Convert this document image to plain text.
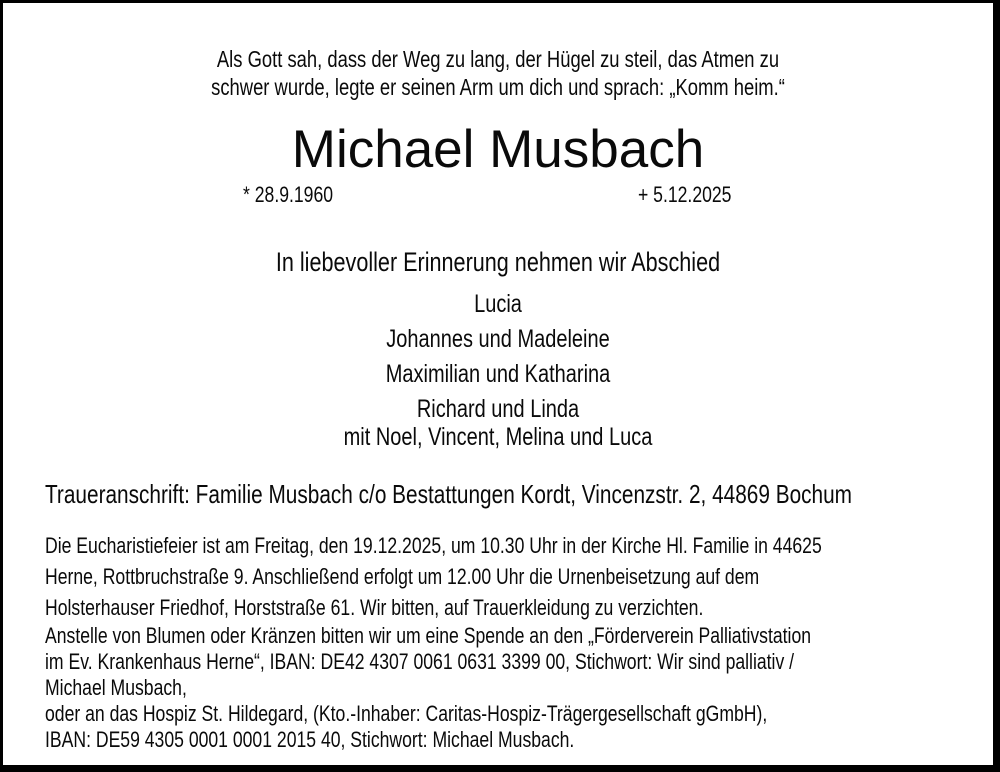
Als Gott sah, dass der Weg zu lang, der Hügel zu steil, das Atmen zu
schwer wurde, legte er seinen Arm um dich und sprach: „Komm heim.“
Michael Musbach
* 28.9.1960	+ 5.12.2025
In liebevoller Erinnerung nehmen wir Abschied
Lucia
Johannes und Madeleine
Maximilian und Katharina
Richard und Linda
mit Noel, Vincent, Melina und Luca
Traueranschrift: Familie Musbach c/o Bestattungen Kordt, Vincenzstr. 2, 44869 Bochum
Die Eucharistiefeier ist am Freitag, den 19.12.2025, um 10.30 Uhr in der Kirche Hl. Familie in 44625
Herne, Rottbruchstraße 9. Anschließend erfolgt um 12.00 Uhr die Urnenbeisetzung auf dem
Holsterhauser Friedhof, Horststraße 61. Wir bitten, auf Trauerkleidung zu verzichten.
Anstelle von Blumen oder Kränzen bitten wir um eine Spende an den „Förderverein Palliativstation
im Ev. Krankenhaus Herne“, IBAN: DE42 4307 0061 0631 3399 00, Stichwort: Wir sind palliativ /
Michael Musbach,
oder an das Hospiz St. Hildegard, (Kto.-Inhaber: Caritas-Hospiz-Trägergesellschaft gGmbH),
IBAN: DE59 4305 0001 0001 2015 40, Stichwort: Michael Musbach.
